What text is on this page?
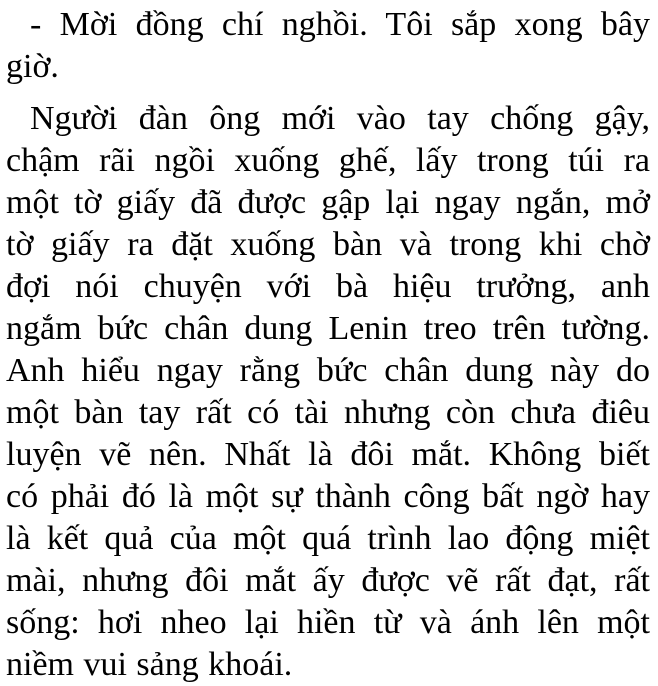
- Mời đồng chí nghồi. Tôi sắp xong bây
giờ.
Người đàn ông mới vào tay chống gậy,
chậm rãi ngồi xuống ghế, lấy trong túi ra
một tờ giấy đã được gập lại ngay ngắn, mở
tờ giấy ra đặt xuống bàn và trong khi chờ
đợi nói chuyện với bà hiệu trưởng, anh
ngắm bức chân dung Lenin treo trên tường.
Anh hiểu ngay rằng bức chân dung này do
một bàn tay rất có tài nhưng còn chưa điêu
luyện vẽ nên. Nhất là đôi mắt. Không biết
có phải đó là một sự thành công bất ngờ hay
là kết quả của một quá trình lao động miệt
mài, nhưng đôi mắt ấy được vẽ rất đạt, rất
sống: hơi nheo lại hiền từ và ánh lên một
niềm vui sảng khoái.
